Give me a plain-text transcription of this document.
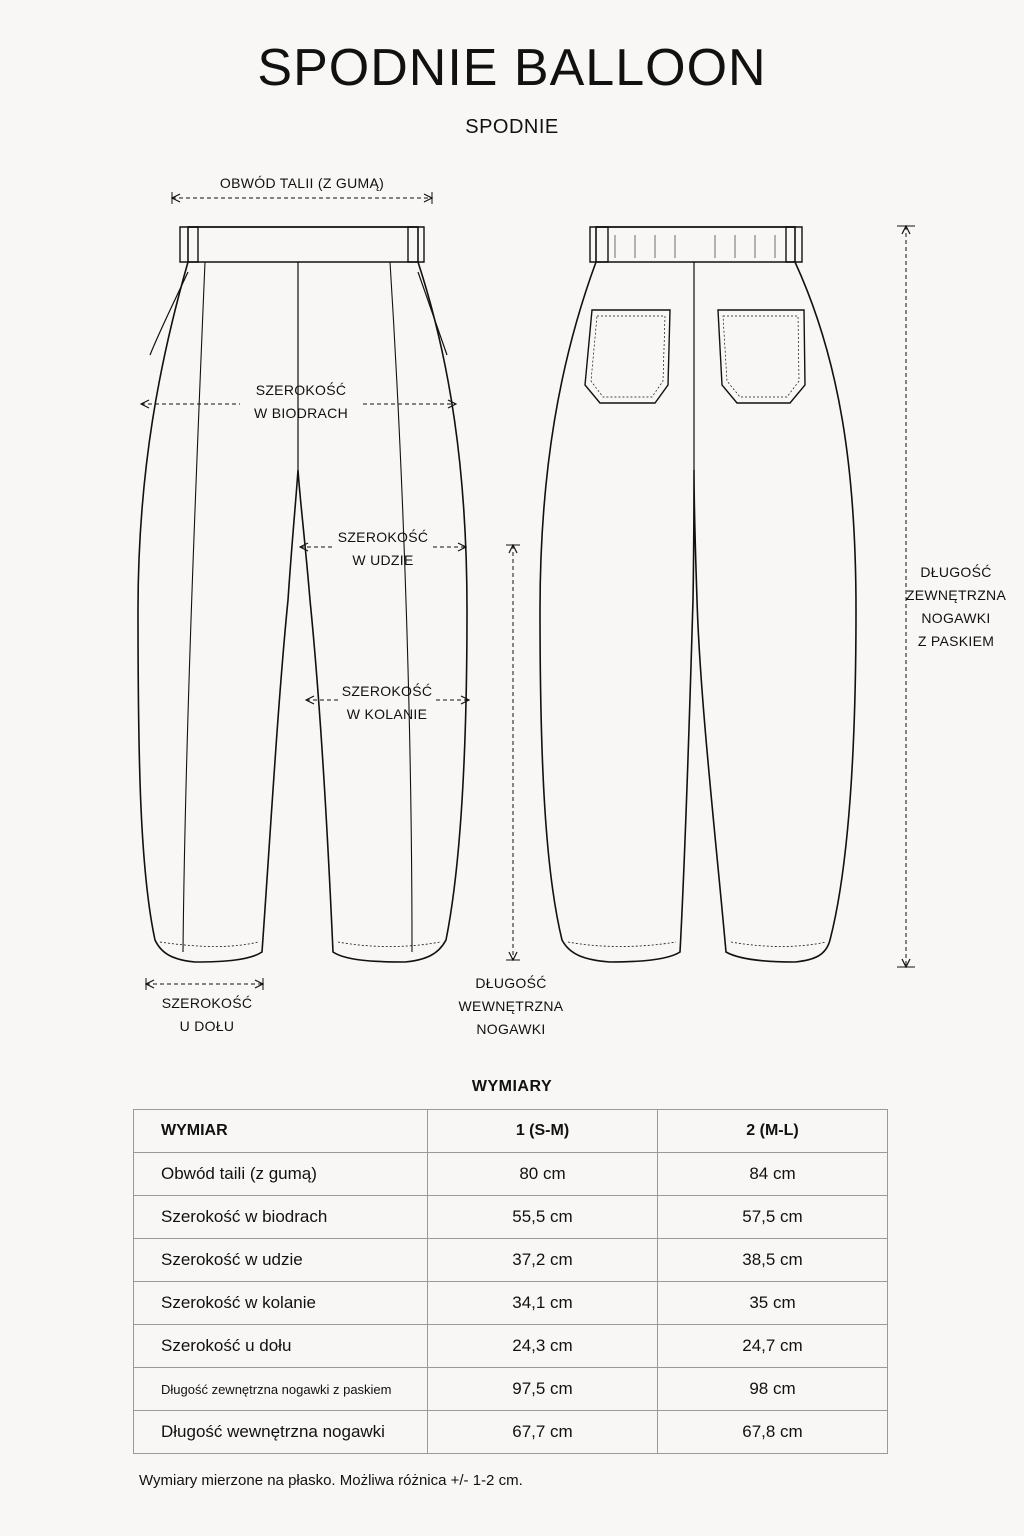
SPODNIE BALLOON
SPODNIE
OBWÓD TALII (Z GUMĄ)
SZEROKOŚĆ
W BIODRACH
SZEROKOŚĆ
W UDZIE
SZEROKOŚĆ
W KOLANIE
SZEROKOŚĆ
U DOŁU
DŁUGOŚĆ
WEWNĘTRZNA
NOGAWKI
DŁUGOŚĆ
ZEWNĘTRZNA
NOGAWKI
Z PASKIEM
WYMIARY
WYMIAR	1 (S-M)	2 (M-L)
Obwód taili (z gumą)	80 cm	84 cm
Szerokość w biodrach	55,5 cm	57,5 cm
Szerokość w udzie	37,2 cm	38,5 cm
Szerokość w kolanie	34,1 cm	35 cm
Szerokość u dołu	24,3 cm	24,7 cm
Długość zewnętrzna nogawki z paskiem	97,5 cm	98 cm
Długość wewnętrzna nogawki	67,7 cm	67,8 cm
Wymiary mierzone na płasko. Możliwa różnica +/- 1-2 cm.
